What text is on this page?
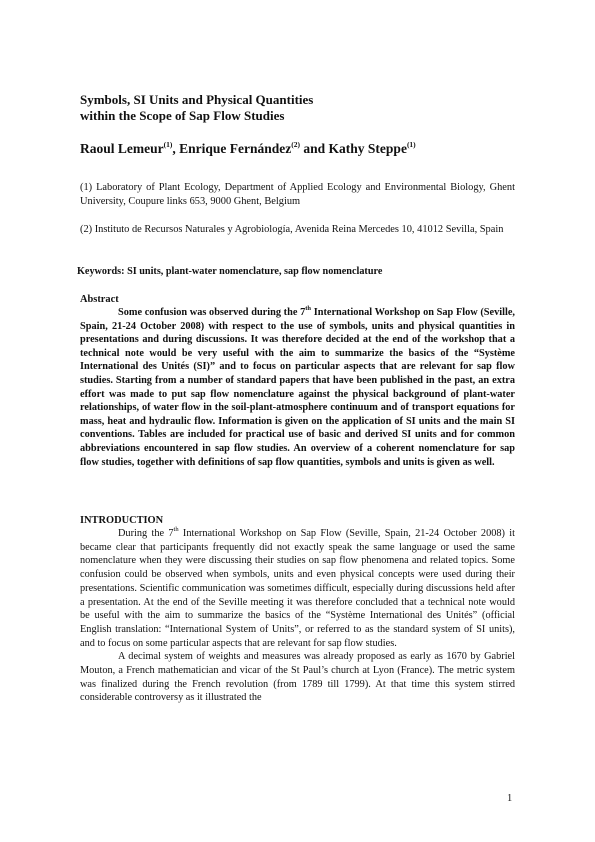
Symbols, SI Units and Physical Quantities
within the Scope of Sap Flow Studies
Raoul Lemeur$^{(1)}$, Enrique Fernández$^{(2)}$ and Kathy Steppe$^{(1)}$
(1) Laboratory of Plant Ecology, Department of Applied Ecology and Environmental Biology, Ghent University, Coupure links 653, 9000 Ghent, Belgium
(2) Instituto de Recursos Naturales y Agrobiología, Avenida Reina Mercedes 10, 41012 Sevilla, Spain
Keywords: SI units, plant-water nomenclature, sap flow nomenclature
Abstract
Some confusion was observed during the 7th International Workshop on Sap Flow (Seville, Spain, 21-24 October 2008) with respect to the use of symbols, units and physical quantities in presentations and during discussions. It was therefore decided at the end of the workshop that a technical note would be very useful with the aim to summarize the basics of the “Système International des Unités (SI)” and to focus on particular aspects that are relevant for sap flow studies. Starting from a number of standard papers that have been published in the past, an extra effort was made to put sap flow nomenclature against the physical background of plant-water relationships, of water flow in the soil-plant-atmosphere continuum and of transport equations for mass, heat and hydraulic flow. Information is given on the application of SI units and the main SI conventions. Tables are included for practical use of basic and derived SI units and for common abbreviations encountered in sap flow studies. An overview of a coherent nomenclature for sap flow studies, together with definitions of sap flow quantities, symbols and units is given as well.
INTRODUCTION

During the 7th International Workshop on Sap Flow (Seville, Spain, 21-24 October 2008) it became clear that participants frequently did not exactly speak the same language or used the same nomenclature when they were discussing their studies on sap flow phenomena and related topics. Some confusion could be observed when symbols, units and even physical concepts were used during their presentations. Scientific communication was sometimes difficult, especially during discussions held after a presentation. At the end of the Seville meeting it was therefore concluded that a technical note would be useful with the aim to summarize the basics of the “Système International des Unités” (official English translation: “International System of Units”, or referred to as the standard system of SI units), and to focus on some particular aspects that are relevant for sap flow studies.

A decimal system of weights and measures was already proposed as early as 1670 by Gabriel Mouton, a French mathematician and vicar of the St Paul’s church at Lyon (France). The metric system was finalized during the French revolution (from 1789 till 1799). At that time this system stirred considerable controversy as it illustrated the

1
